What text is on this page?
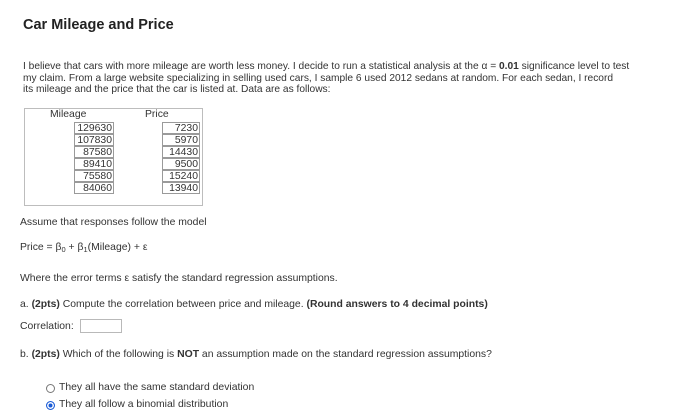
Car Mileage and Price
I believe that cars with more mileage are worth less money. I decide to run a statistical analysis at the α = 0.01 significance level to test
my claim. From a large website specializing in selling used cars, I sample 6 used 2012 sedans at random. For each sedan, I record
its mileage and the price that the car is listed at. Data are as follows:
Mileage	Price
129630
107830
87580
89410
75580
84060
7230
5970
14430
9500
15240
13940
Assume that responses follow the model
Price = $\beta_0$ + $\beta_1(Mileage) + \varepsilon$
Where the error terms ε satisfy the standard regression assumptions.
a. (2pts) Compute the correlation between price and mileage. (Round answers to 4 decimal points)
Correlation:
b. (2pts) Which of the following is NOT an assumption made on the standard regression assumptions?
They all have the same standard deviation
They all follow a binomial distribution
